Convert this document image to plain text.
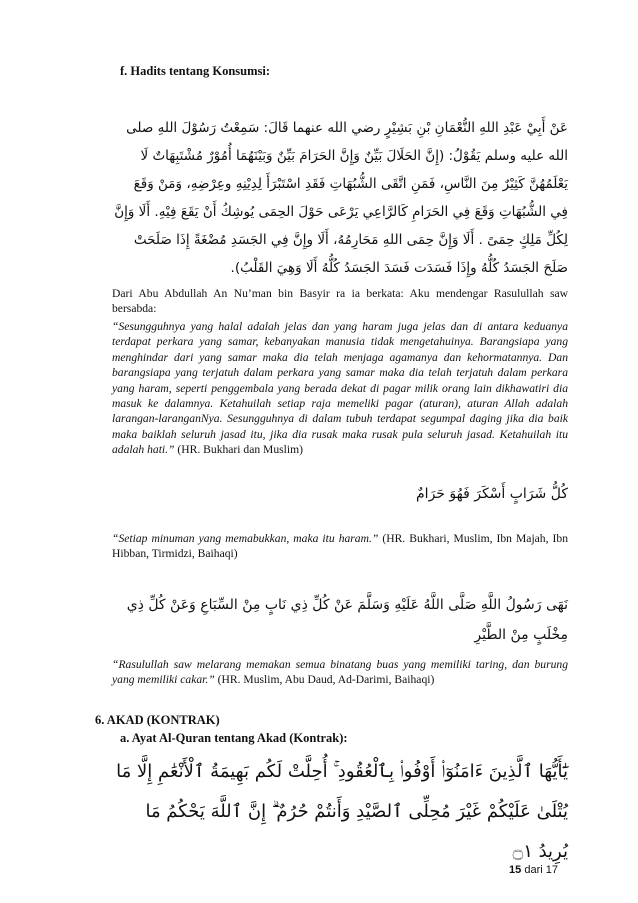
f. Hadits tentang Konsumsi:
عَنْ أَبِيْ عَبْدِ اللهِ النُّعْمَانِ بْنِ بَشِيْرٍ رضي الله عنهما قَالَ: سَمِعْتُ رَسُوْلَ اللهِ صلى الله عليه وسلم يَقُوْلُ: (إِنَّ الحَلَالَ بَيِّنٌ وَإِنَّ الحَرَامَ بَيِّنٌ وَبَيْنَهُمَا أُمُوْرٌ مُشْتَبِهَاتٌ لَا يَعْلَمُهُنَّ كَثِيْرٌ مِنَ النَّاسِ، فَمَنِ اتَّقَى الشُّبُهَاتِ فَقَدِ اسْتَبْرَأَ لِدِيْنِهِ وعِرْضِهِ، وَمَنْ وَقَعَ فِي الشُّبُهَاتِ وَقَعَ فِي الحَرَامِ كَالرَّاعِي يَرْعَى حَوْلَ الحِمَى يُوشِكُ أَنْ يَقَعَ فِيْهِ. أَلَا وَإِنَّ لِكُلِّ مَلِكٍ حِمَىً . أَلَا وَإِنَّ حِمَى اللهِ مَحَارِمُهُ، أَلَا وإِنَّ فِي الجَسَدِ مُضْغَةً إِذَا صَلَحَتْ صَلَحَ الجَسَدُ كُلُّهُ وإِذَا فَسَدَت فَسَدَ الجَسَدُ كُلُّهُ أَلَا وَهِيَ القَلْبُ).
Dari Abu Abdullah An Nu’man bin Basyir ra ia berkata: Aku mendengar Rasulullah saw bersabda:
“Sesungguhnya yang halal adalah jelas dan yang haram juga jelas dan di antara keduanya terdapat perkara yang samar, kebanyakan manusia tidak mengetahuinya. Barangsiapa yang menghindar dari yang samar maka dia telah menjaga agamanya dan kehormatannya. Dan barangsiapa yang terjatuh dalam perkara yang samar maka dia telah terjatuh dalam perkara yang haram, seperti penggembala yang berada dekat di pagar milik orang lain dikhawatiri dia masuk ke dalamnya. Ketahuilah setiap raja memeliki pagar (aturan), aturan Allah adalah larangan-laranganNya. Sesungguhnya di dalam tubuh terdapat segumpal daging jika dia baik maka baiklah seluruh jasad itu, jika dia rusak maka rusak pula seluruh jasad. Ketahuilah itu adalah hati.” (HR. Bukhari dan Muslim)
كُلُّ شَرَابٍ أَسْكَرَ فَهُوَ حَرَامٌ
“Setiap minuman yang memabukkan, maka itu haram.” (HR. Bukhari, Muslim, Ibn Majah, Ibn Hibban, Tirmidzi, Baihaqi)
نَهَى رَسُولُ اللَّهِ صَلَّى اللَّهُ عَلَيْهِ وَسَلَّمَ عَنْ كُلِّ ذِي نَابٍ مِنْ السِّبَاعِ وَعَنْ كُلِّ ذِي مِخْلَبٍ مِنْ الطَّيْرِ
“Rasulullah saw melarang memakan semua binatang buas yang memiliki taring, dan burung yang memiliki cakar.” (HR. Muslim, Abu Daud, Ad-Darimi, Baihaqi)
6. AKAD (KONTRAK)
a. Ayat Al-Quran tentang Akad (Kontrak):
يَٰٓأَيُّهَا ٱلَّذِينَ ءَامَنُوٓا۟ أَوْفُوا۟ بِٱلْعُقُودِ ۚ أُحِلَّتْ لَكُم بَهِيمَةُ ٱلْأَنْعَٰمِ إِلَّا مَا يُتْلَىٰ عَلَيْكُمْ غَيْرَ مُحِلِّى ٱلصَّيْدِ وَأَنتُمْ حُرُمٌ ۗ إِنَّ ٱللَّهَ يَحْكُمُ مَا يُرِيدُ ۝١
15 dari 17
